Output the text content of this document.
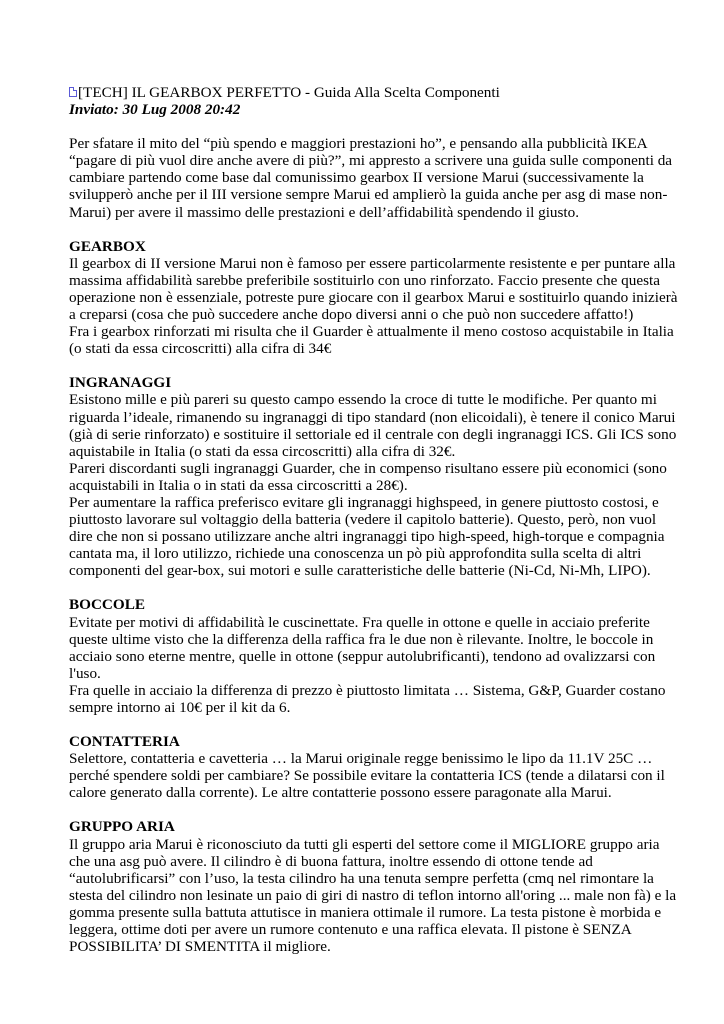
[TECH] IL GEARBOX PERFETTO - Guida Alla Scelta Componenti

Inviato: 30 Lug 2008 20:42

Per sfatare il mito del “più spendo e maggiori prestazioni ho”, e pensando alla pubblicità IKEA
“pagare di più vuol dire anche avere di più?”, mi appresto a scrivere una guida sulle componenti da
cambiare partendo come base dal comunissimo gearbox II versione Marui (successivamente la
svilupperò anche per il III versione sempre Marui ed amplierò la guida anche per asg di mase non-
Marui) per avere il massimo delle prestazioni e dell’affidabilità spendendo il giusto.

GEARBOX

Il gearbox di II versione Marui non è famoso per essere particolarmente resistente e per puntare alla
massima affidabilità sarebbe preferibile sostituirlo con uno rinforzato. Faccio presente che questa
operazione non è essenziale, potreste pure giocare con il gearbox Marui e sostituirlo quando inizierà
a creparsi (cosa che può succedere anche dopo diversi anni o che può non succedere affatto!)
Fra i gearbox rinforzati mi risulta che il Guarder è attualmente il meno costoso acquistabile in Italia
(o stati da essa circoscritti) alla cifra di 34€

INGRANAGGI

Esistono mille e più pareri su questo campo essendo la croce di tutte le modifiche. Per quanto mi
riguarda l’ideale, rimanendo su ingranaggi di tipo standard (non elicoidali), è tenere il conico Marui
(già di serie rinforzato) e sostituire il settoriale ed il centrale con degli ingranaggi ICS. Gli ICS sono
aquistabile in Italia (o stati da essa circoscritti) alla cifra di 32€.
Pareri discordanti sugli ingranaggi Guarder, che in compenso risultano essere più economici (sono
acquistabili in Italia o in stati da essa circoscritti a 28€).
Per aumentare la raffica preferisco evitare gli ingranaggi highspeed, in genere piuttosto costosi, e
piuttosto lavorare sul voltaggio della batteria (vedere il capitolo batterie). Questo, però, non vuol
dire che non si possano utilizzare anche altri ingranaggi tipo high-speed, high-torque e compagnia
cantata ma, il loro utilizzo, richiede una conoscenza un pò più approfondita sulla scelta di altri
componenti del gear-box, sui motori e sulle caratteristiche delle batterie (Ni-Cd, Ni-Mh, LIPO).

BOCCOLE

Evitate per motivi di affidabilità le cuscinettate. Fra quelle in ottone e quelle in acciaio preferite
queste ultime visto che la differenza della raffica fra le due non è rilevante. Inoltre, le boccole in
acciaio sono eterne mentre, quelle in ottone (seppur autolubrificanti), tendono ad ovalizzarsi con
l'uso.
Fra quelle in acciaio la differenza di prezzo è piuttosto limitata … Sistema, G&P, Guarder costano
sempre intorno ai 10€ per il kit da 6.

CONTATTERIA

Selettore, contatteria e cavetteria … la Marui originale regge benissimo le lipo da 11.1V 25C …
perché spendere soldi per cambiare? Se possibile evitare la contatteria ICS (tende a dilatarsi con il
calore generato dalla corrente). Le altre contatterie possono essere paragonate alla Marui.

GRUPPO ARIA

Il gruppo aria Marui è riconosciuto da tutti gli esperti del settore come il MIGLIORE gruppo aria
che una asg può avere. Il cilindro è di buona fattura, inoltre essendo di ottone tende ad
“autolubrificarsi” con l’uso, la testa cilindro ha una tenuta sempre perfetta (cmq nel rimontare la
stesta del cilindro non lesinate un paio di giri di nastro di teflon intorno all'oring ... male non fà) e la
gomma presente sulla battuta attutisce in maniera ottimale il rumore. La testa pistone è morbida e
leggera, ottime doti per avere un rumore contenuto e una raffica elevata. Il pistone è SENZA
POSSIBILITA’ DI SMENTITA il migliore.
